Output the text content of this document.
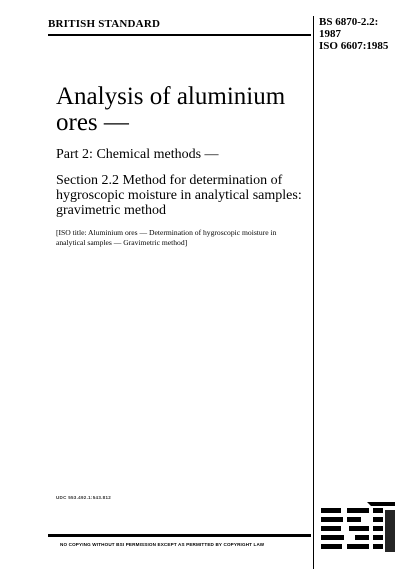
BRITISH STANDARD	BS 6870-2.2:
1987
ISO 6607:1985
Analysis of aluminium ores —
Part 2: Chemical methods —
Section 2.2 Method for determination of hygroscopic moisture in analytical samples: gravimetric method
[ISO title: Aluminium ores — Determination of hygroscopic moisture in analytical samples — Gravimetric method]
UDC 553.492.1:543.812
NO COPYING WITHOUT BSI PERMISSION EXCEPT AS PERMITTED BY COPYRIGHT LAW
